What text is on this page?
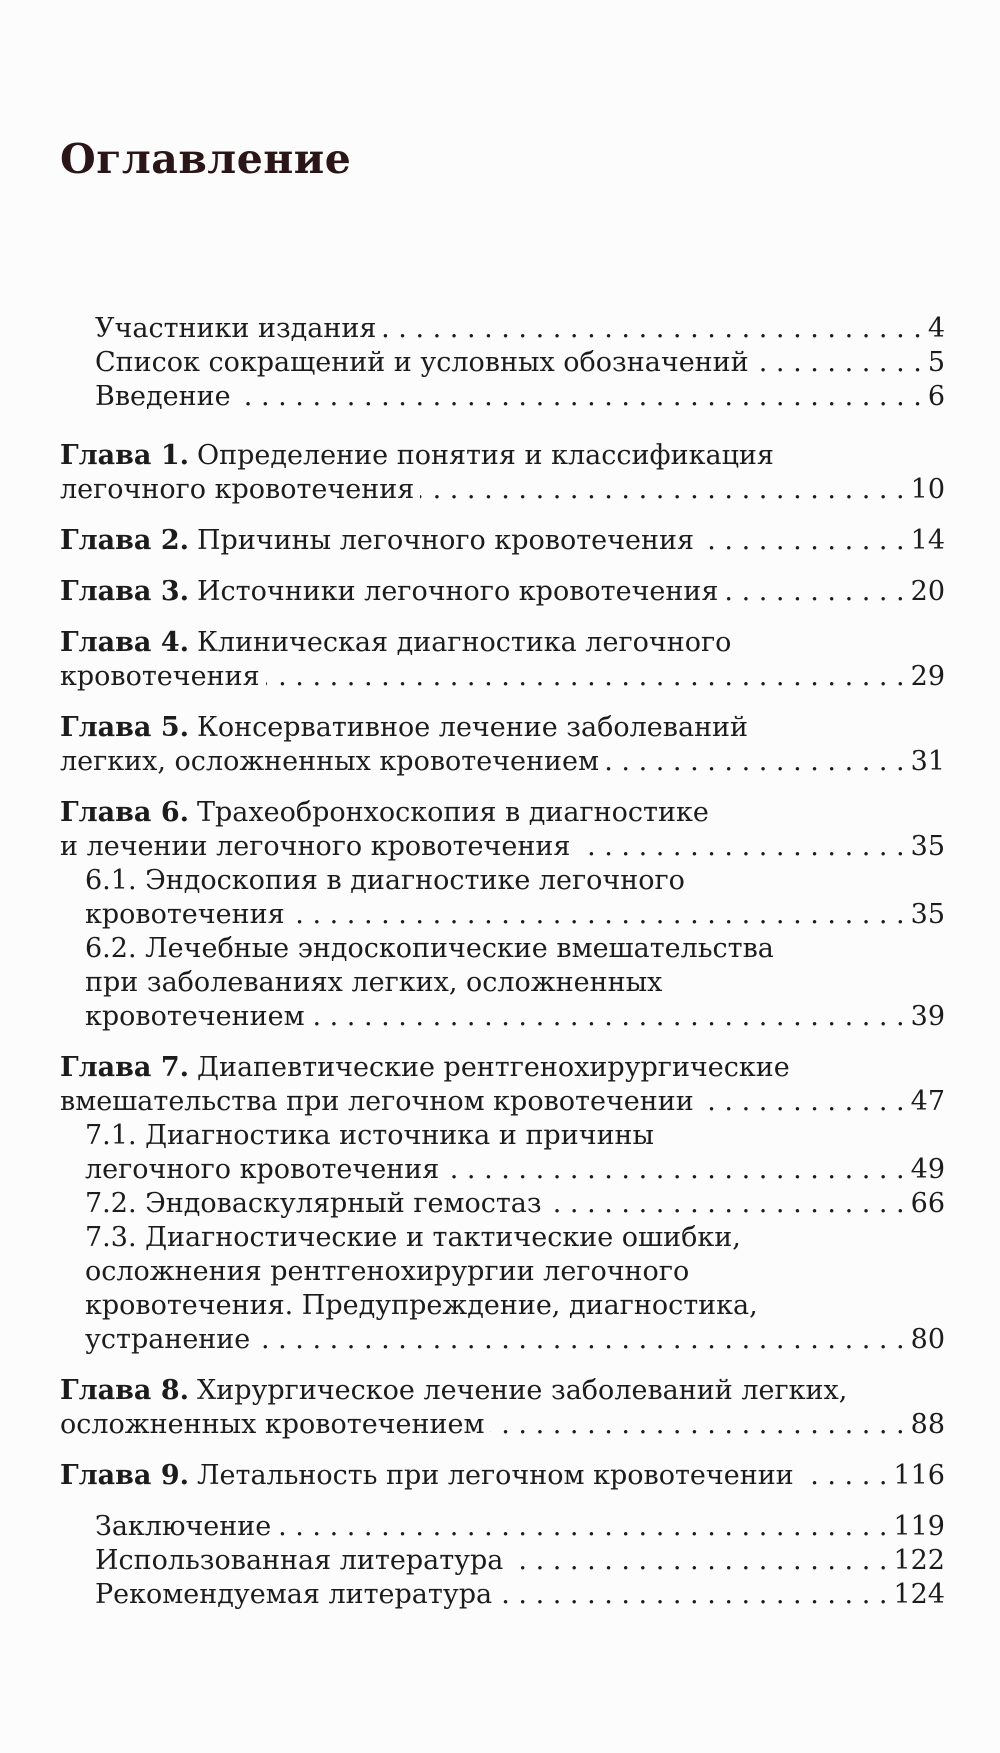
Оглавление
Участники издания . . .	4
Список сокращений и условных обозначений . . .	5
Введение . . .	6
Глава 1. Определение понятия и классификация
легочного кровотечения . . .	10
Глава 2. Причины легочного кровотечения . . .	14
Глава 3. Источники легочного кровотечения . . .	20
Глава 4. Клиническая диагностика легочного
кровотечения . . .	29
Глава 5. Консервативное лечение заболеваний
легких, осложненных кровотечением . . .	31
Глава 6. Трахеобронхоскопия в диагностике
и лечении легочного кровотечения . . .	35
6.1. Эндоскопия в диагностике легочного
кровотечения . . .	35
6.2. Лечебные эндоскопические вмешательства
при заболеваниях легких, осложненных
кровотечением . . .	39
Глава 7. Диапевтические рентгенохирургические
вмешательства при легочном кровотечении . . .	47
7.1. Диагностика источника и причины
легочного кровотечения . . .	49
7.2. Эндоваскулярный гемостаз . . .	66
7.3. Диагностические и тактические ошибки,
осложнения рентгенохирургии легочного
кровотечения. Предупреждение, диагностика,
устранение . . .	80
Глава 8. Хирургическое лечение заболеваний легких,
осложненных кровотечением . . .	88
Глава 9. Летальность при легочном кровотечении . . .	116
Заключение . . .	119
Использованная литература . . .	122
Рекомендуемая литература . . .	124
